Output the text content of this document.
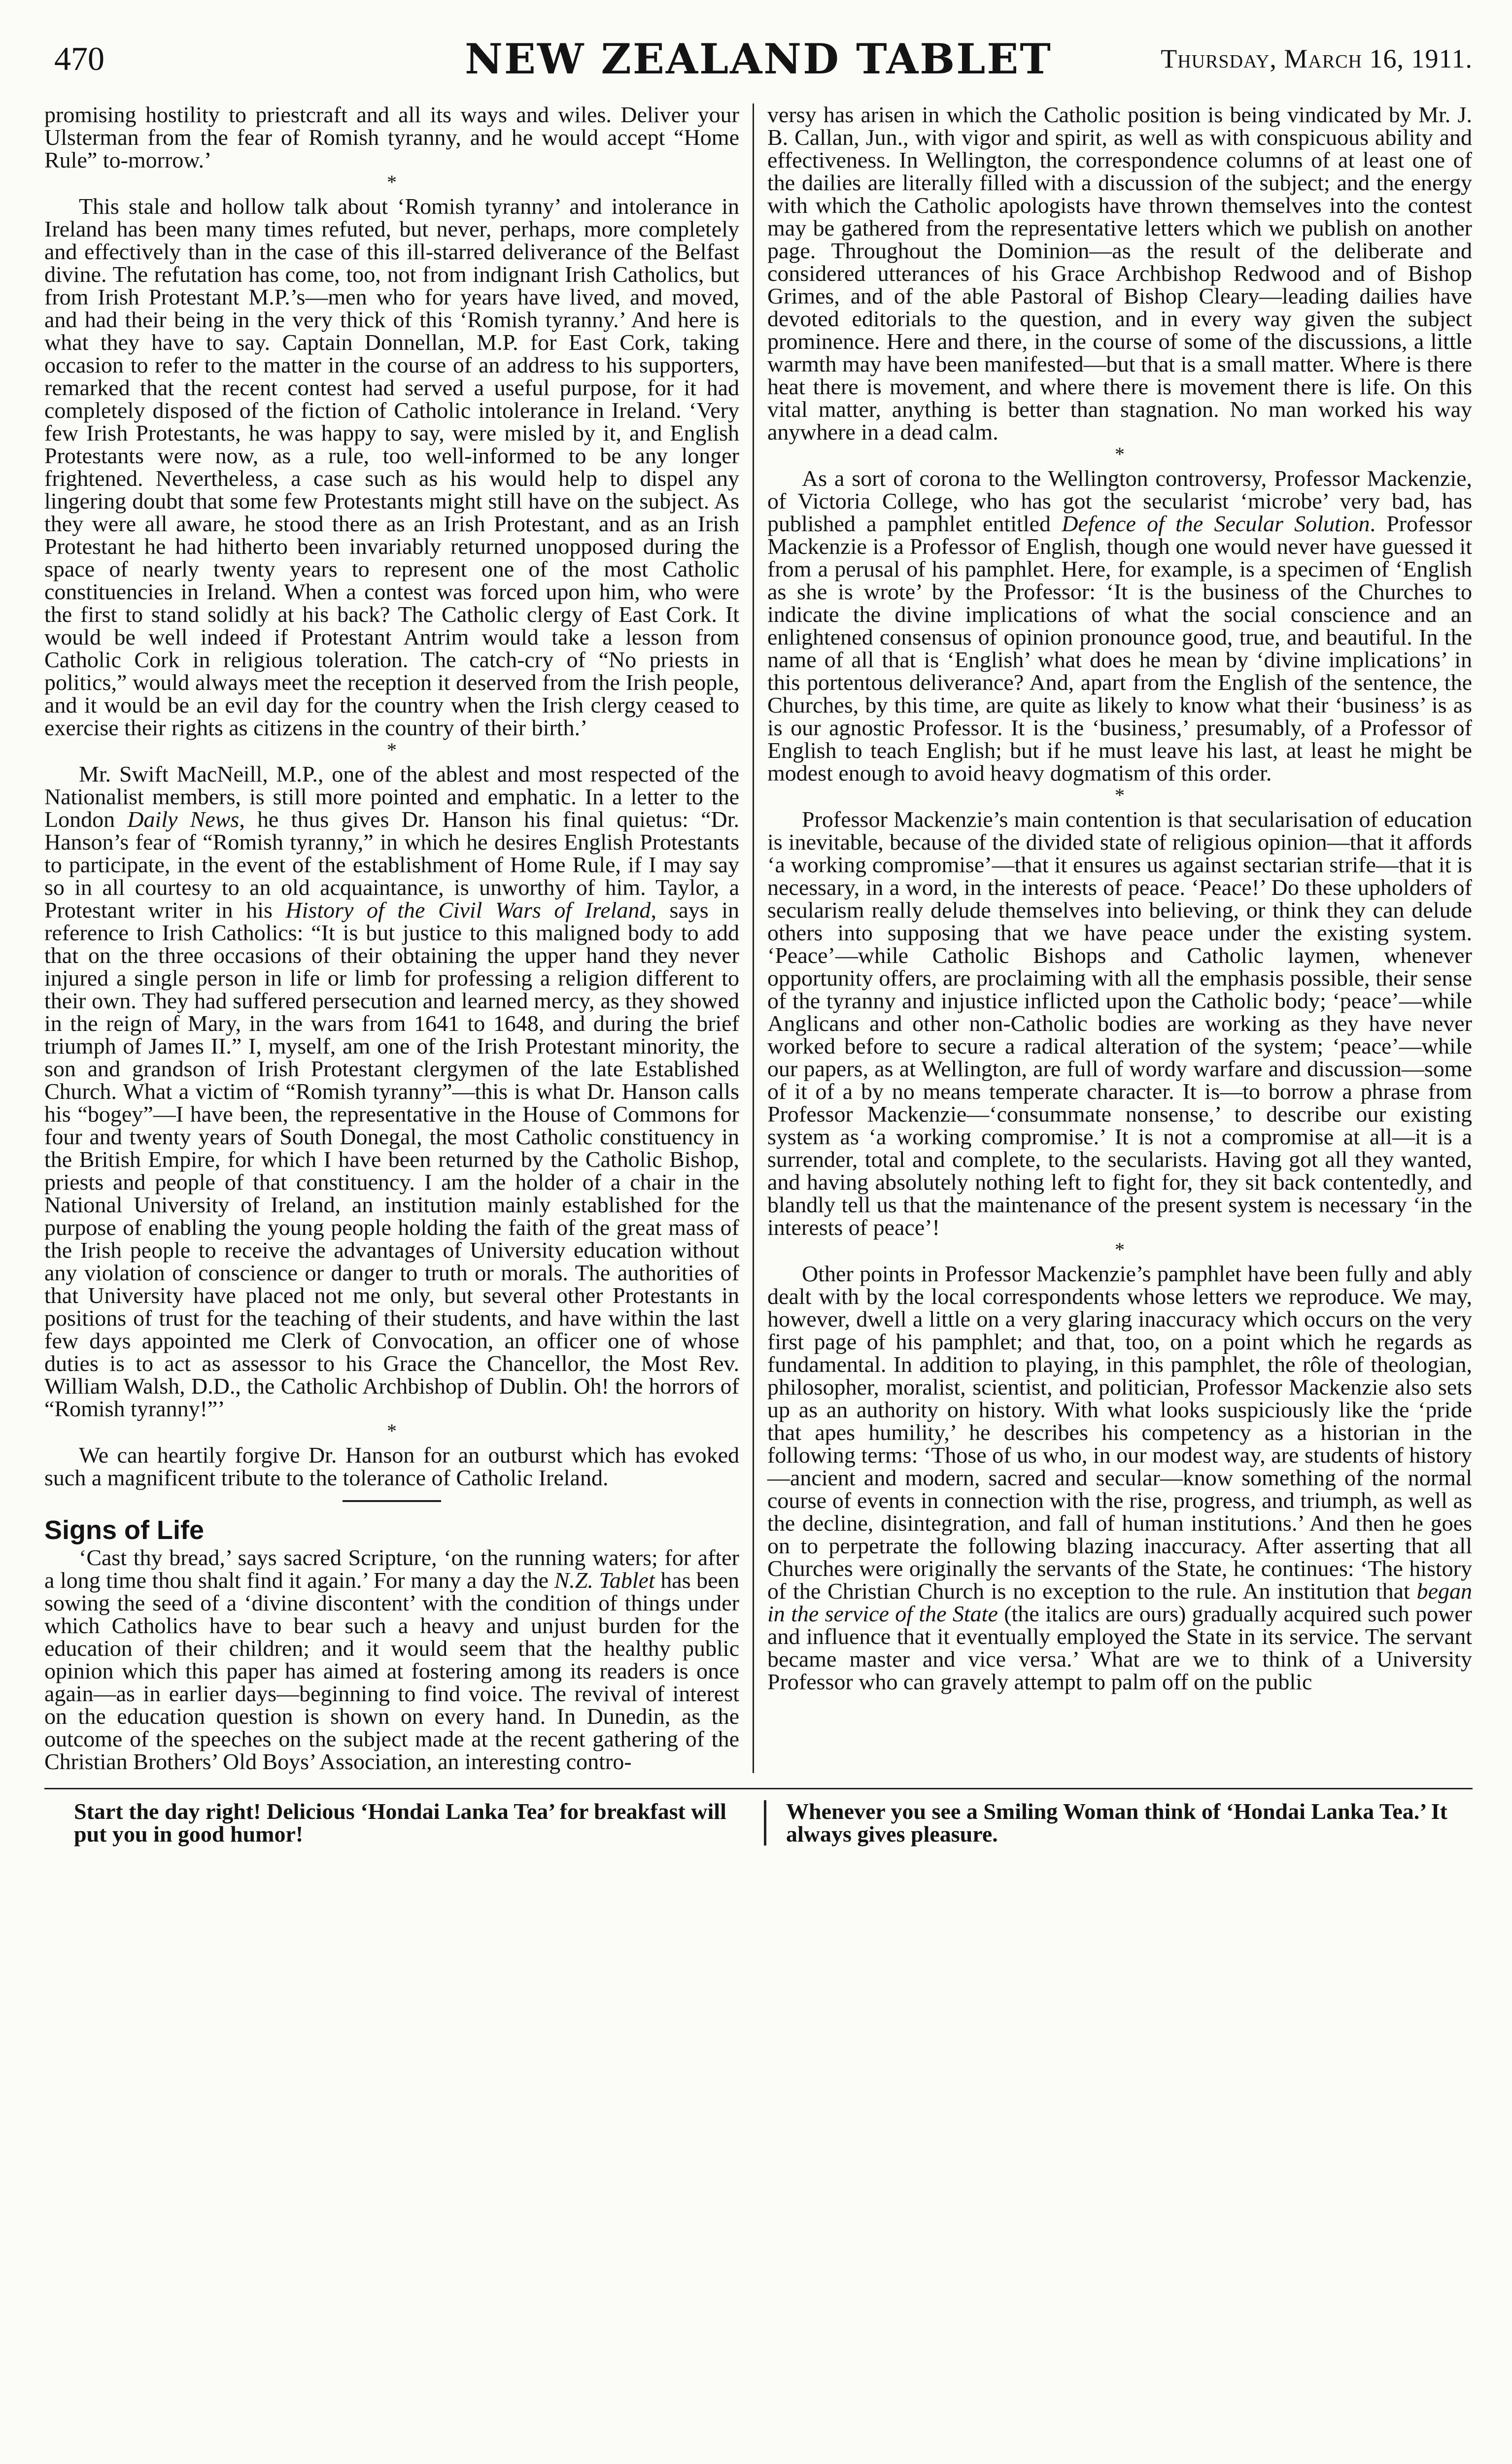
470	NEW ZEALAND TABLET	Thursday, March 16, 1911.

promising hostility to priestcraft and all its ways and wiles. Deliver your Ulsterman from the fear of Romish tyranny, and he would accept “Home Rule” to-morrow.’

*

This stale and hollow talk about ‘Romish tyranny’ and intolerance in Ireland has been many times refuted, but never, perhaps, more completely and effectively than in the case of this ill-starred deliverance of the Belfast divine. The refutation has come, too, not from indignant Irish Catholics, but from Irish Protestant M.P.’s—men who for years have lived, and moved, and had their being in the very thick of this ‘Romish tyranny.’ And here is what they have to say. Captain Donnellan, M.P. for East Cork, taking occasion to refer to the matter in the course of an address to his supporters, remarked that the recent contest had served a useful purpose, for it had completely disposed of the fiction of Catholic intolerance in Ireland. ‘Very few Irish Protestants, he was happy to say, were misled by it, and English Protestants were now, as a rule, too well-informed to be any longer frightened. Nevertheless, a case such as his would help to dispel any lingering doubt that some few Protestants might still have on the subject. As they were all aware, he stood there as an Irish Protestant, and as an Irish Protestant he had hitherto been invariably returned unopposed during the space of nearly twenty years to represent one of the most Catholic constituencies in Ireland. When a contest was forced upon him, who were the first to stand solidly at his back? The Catholic clergy of East Cork. It would be well indeed if Protestant Antrim would take a lesson from Catholic Cork in religious toleration. The catch-cry of “No priests in politics,” would always meet the reception it deserved from the Irish people, and it would be an evil day for the country when the Irish clergy ceased to exercise their rights as citizens in the country of their birth.’

*

Mr. Swift MacNeill, M.P., one of the ablest and most respected of the Nationalist members, is still more pointed and emphatic. In a letter to the London Daily News, he thus gives Dr. Hanson his final quietus: “Dr. Hanson’s fear of “Romish tyranny,” in which he desires English Protestants to participate, in the event of the establishment of Home Rule, if I may say so in all courtesy to an old acquaintance, is unworthy of him. Taylor, a Protestant writer in his History of the Civil Wars of Ireland, says in reference to Irish Catholics: “It is but justice to this maligned body to add that on the three occasions of their obtaining the upper hand they never injured a single person in life or limb for professing a religion different to their own. They had suffered persecution and learned mercy, as they showed in the reign of Mary, in the wars from 1641 to 1648, and during the brief triumph of James II.” I, myself, am one of the Irish Protestant minority, the son and grandson of Irish Protestant clergymen of the late Established Church. What a victim of “Romish tyranny”—this is what Dr. Hanson calls his “bogey”—I have been, the representative in the House of Commons for four and twenty years of South Donegal, the most Catholic constituency in the British Empire, for which I have been returned by the Catholic Bishop, priests and people of that constituency. I am the holder of a chair in the National University of Ireland, an institution mainly established for the purpose of enabling the young people holding the faith of the great mass of the Irish people to receive the advantages of University education without any violation of conscience or danger to truth or morals. The authorities of that University have placed not me only, but several other Protestants in positions of trust for the teaching of their students, and have within the last few days appointed me Clerk of Convocation, an officer one of whose duties is to act as assessor to his Grace the Chancellor, the Most Rev. William Walsh, D.D., the Catholic Archbishop of Dublin. Oh! the horrors of “Romish tyranny!”’

*

We can heartily forgive Dr. Hanson for an outburst which has evoked such a magnificent tribute to the tolerance of Catholic Ireland.

Signs of Life

‘Cast thy bread,’ says sacred Scripture, ‘on the running waters; for after a long time thou shalt find it again.’ For many a day the N.Z. Tablet has been sowing the seed of a ‘divine discontent’ with the condition of things under which Catholics have to bear such a heavy and unjust burden for the education of their children; and it would seem that the healthy public opinion which this paper has aimed at fostering among its readers is once again—as in earlier days—beginning to find voice. The revival of interest on the education question is shown on every hand. In Dunedin, as the outcome of the speeches on the subject made at the recent gathering of the Christian Brothers’ Old Boys’ Association, an interesting contro-

versy has arisen in which the Catholic position is being vindicated by Mr. J. B. Callan, Jun., with vigor and spirit, as well as with conspicuous ability and effectiveness. In Wellington, the correspondence columns of at least one of the dailies are literally filled with a discussion of the subject; and the energy with which the Catholic apologists have thrown themselves into the contest may be gathered from the representative letters which we publish on another page. Throughout the Dominion—as the result of the deliberate and considered utterances of his Grace Archbishop Redwood and of Bishop Grimes, and of the able Pastoral of Bishop Cleary—leading dailies have devoted editorials to the question, and in every way given the subject prominence. Here and there, in the course of some of the discussions, a little warmth may have been manifested—but that is a small matter. Where is there heat there is movement, and where there is movement there is life. On this vital matter, anything is better than stagnation. No man worked his way anywhere in a dead calm.

*

As a sort of corona to the Wellington controversy, Professor Mackenzie, of Victoria College, who has got the secularist ‘microbe’ very bad, has published a pamphlet entitled Defence of the Secular Solution. Professor Mackenzie is a Professor of English, though one would never have guessed it from a perusal of his pamphlet. Here, for example, is a specimen of ‘English as she is wrote’ by the Professor: ‘It is the business of the Churches to indicate the divine implications of what the social conscience and an enlightened consensus of opinion pronounce good, true, and beautiful. In the name of all that is ‘English’ what does he mean by ‘divine implications’ in this portentous deliverance? And, apart from the English of the sentence, the Churches, by this time, are quite as likely to know what their ‘business’ is as is our agnostic Professor. It is the ‘business,’ presumably, of a Professor of English to teach English; but if he must leave his last, at least he might be modest enough to avoid heavy dogmatism of this order.

*

Professor Mackenzie’s main contention is that secularisation of education is inevitable, because of the divided state of religious opinion—that it affords ‘a working compromise’—that it ensures us against sectarian strife—that it is necessary, in a word, in the interests of peace. ‘Peace!’ Do these upholders of secularism really delude themselves into believing, or think they can delude others into supposing that we have peace under the existing system. ‘Peace’—while Catholic Bishops and Catholic laymen, whenever opportunity offers, are proclaiming with all the emphasis possible, their sense of the tyranny and injustice inflicted upon the Catholic body; ‘peace’—while Anglicans and other non-Catholic bodies are working as they have never worked before to secure a radical alteration of the system; ‘peace’—while our papers, as at Wellington, are full of wordy warfare and discussion—some of it of a by no means temperate character. It is—to borrow a phrase from Professor Mackenzie—‘consummate nonsense,’ to describe our existing system as ‘a working compromise.’ It is not a compromise at all—it is a surrender, total and complete, to the secularists. Having got all they wanted, and having absolutely nothing left to fight for, they sit back contentedly, and blandly tell us that the maintenance of the present system is necessary ‘in the interests of peace’!

*

Other points in Professor Mackenzie’s pamphlet have been fully and ably dealt with by the local correspondents whose letters we reproduce. We may, however, dwell a little on a very glaring inaccuracy which occurs on the very first page of his pamphlet; and that, too, on a point which he regards as fundamental. In addition to playing, in this pamphlet, the rôle of theologian, philosopher, moralist, scientist, and politician, Professor Mackenzie also sets up as an authority on history. With what looks suspiciously like the ‘pride that apes humility,’ he describes his competency as a historian in the following terms: ‘Those of us who, in our modest way, are students of history—ancient and modern, sacred and secular—know something of the normal course of events in connection with the rise, progress, and triumph, as well as the decline, disintegration, and fall of human institutions.’ And then he goes on to perpetrate the following blazing inaccuracy. After asserting that all Churches were originally the servants of the State, he continues: ‘The history of the Christian Church is no exception to the rule. An institution that began in the service of the State (the italics are ours) gradually acquired such power and influence that it eventually employed the State in its service. The servant became master and vice versa.’ What are we to think of a University Professor who can gravely attempt to palm off on the public

Start the day right! Delicious ‘Hondai Lanka Tea’ for breakfast will put you in good humor!
Whenever you see a Smiling Woman think of ‘Hondai Lanka Tea.’ It always gives pleasure.
